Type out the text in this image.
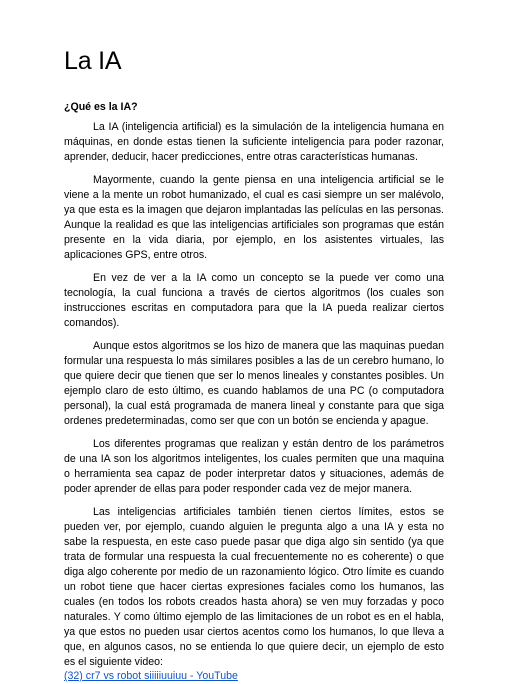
La IA
¿Qué es la IA?

La IA (inteligencia artificial) es la simulación de la inteligencia humana en máquinas, en donde estas tienen la suficiente inteligencia para poder razonar, aprender, deducir, hacer predicciones, entre otras características humanas.

Mayormente, cuando la gente piensa en una inteligencia artificial se le viene a la mente un robot humanizado, el cual es casi siempre un ser malévolo, ya que esta es la imagen que dejaron implantadas las películas en las personas. Aunque la realidad es que las inteligencias artificiales son programas que están presente en la vida diaria, por ejemplo, en los asistentes virtuales, las aplicaciones GPS, entre otros.

En vez de ver a la IA como un concepto se la puede ver como una tecnología, la cual funciona a través de ciertos algoritmos (los cuales son instrucciones escritas en computadora para que la IA pueda realizar ciertos comandos).

Aunque estos algoritmos se los hizo de manera que las maquinas puedan formular una respuesta lo más similares posibles a las de un cerebro humano, lo que quiere decir que tienen que ser lo menos lineales y constantes posibles. Un ejemplo claro de esto último, es cuando hablamos de una PC (o computadora personal), la cual está programada de manera lineal y constante para que siga ordenes predeterminadas, como ser que con un botón se encienda y apague.

Los diferentes programas que realizan y están dentro de los parámetros de una IA son los algoritmos inteligentes, los cuales permiten que una maquina o herramienta sea capaz de poder interpretar datos y situaciones, además de poder aprender de ellas para poder responder cada vez de mejor manera.

Las inteligencias artificiales también tienen ciertos límites, estos se pueden ver, por ejemplo, cuando alguien le pregunta algo a una IA y esta no sabe la respuesta, en este caso puede pasar que diga algo sin sentido (ya que trata de formular una respuesta la cual frecuentemente no es coherente) o que diga algo coherente por medio de un razonamiento lógico. Otro límite es cuando un robot tiene que hacer ciertas expresiones faciales como los humanos, las cuales (en todos los robots creados hasta ahora) se ven muy forzadas y poco naturales. Y como último ejemplo de las limitaciones de un robot es en el habla, ya que estos no pueden usar ciertos acentos como los humanos, lo que lleva a que, en algunos casos, no se entienda lo que quiere decir, un ejemplo de esto es el siguiente video:

(32) cr7 vs robot siiiiiuuiuu - YouTube
